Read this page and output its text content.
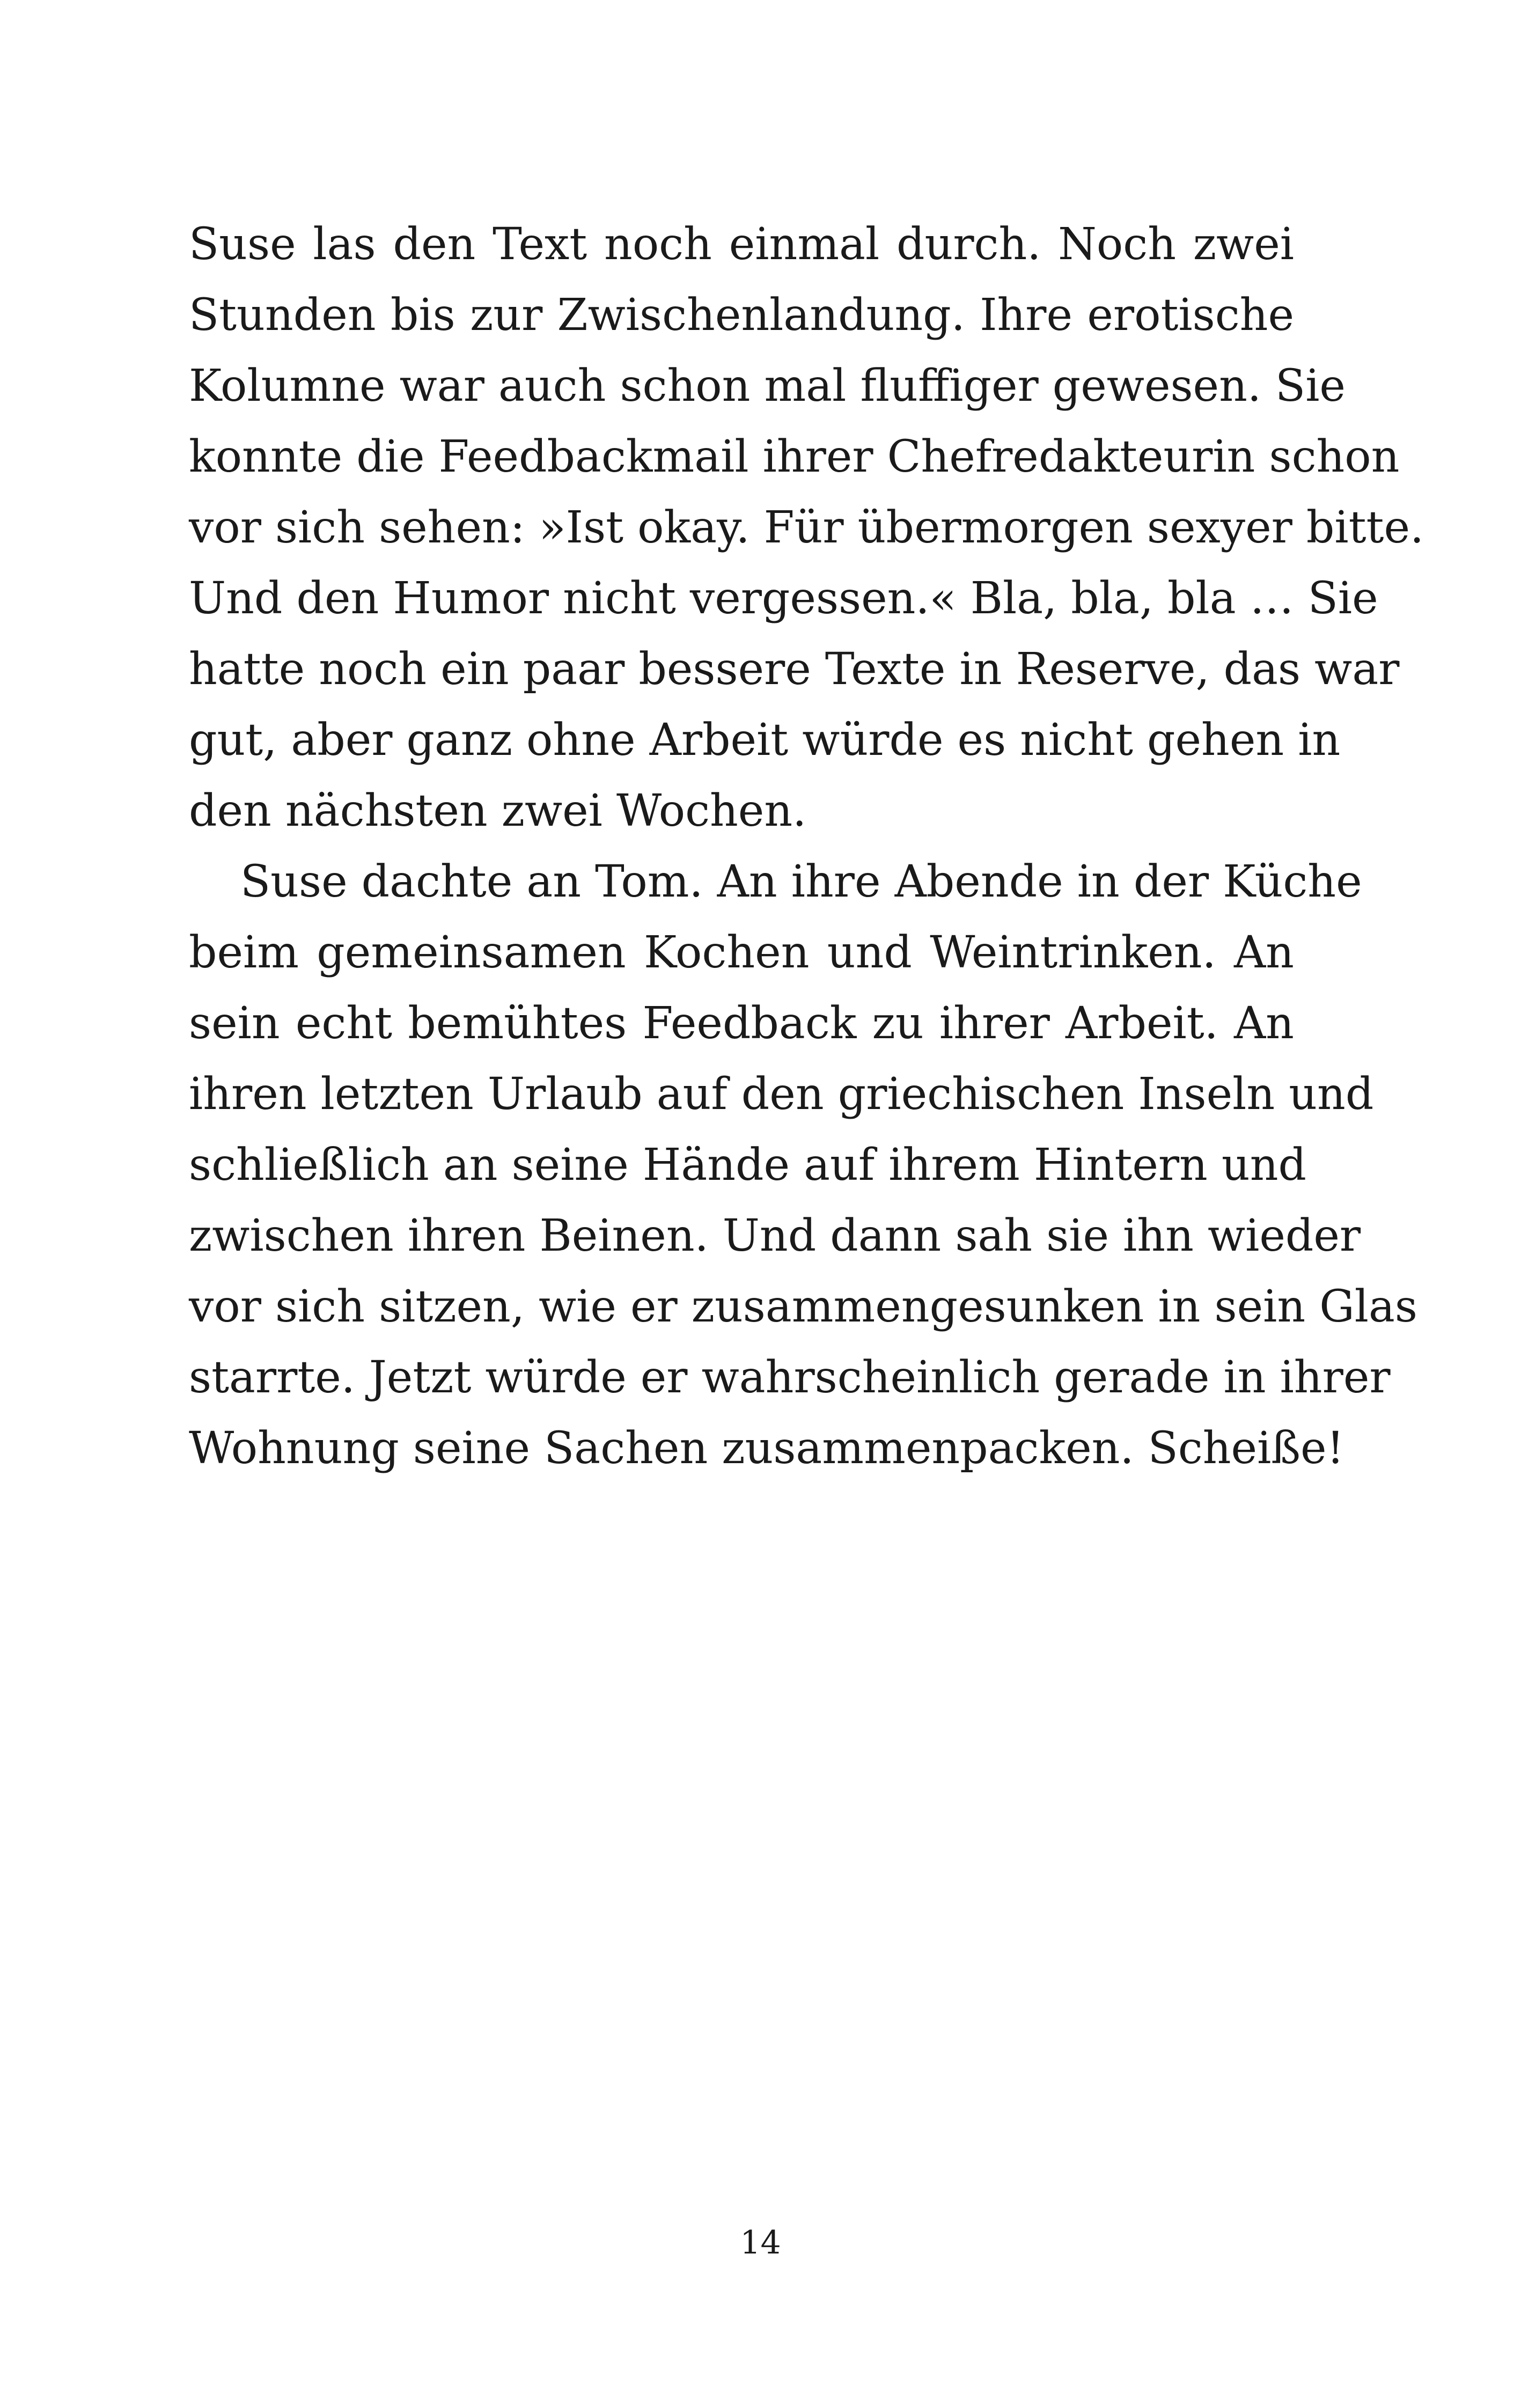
Suse las den Text noch einmal durch. Noch zwei
Stunden bis zur Zwischenlandung. Ihre erotische
Kolumne war auch schon mal fluffiger gewesen. Sie
konnte die Feedbackmail ihrer Chefredakteurin schon
vor sich sehen: »Ist okay. Für übermorgen sexyer bitte.
Und den Humor nicht vergessen.« Bla, bla, bla … Sie
hatte noch ein paar bessere Texte in Reserve, das war
gut, aber ganz ohne Arbeit würde es nicht gehen in
den nächsten zwei Wochen.
Suse dachte an Tom. An ihre Abende in der Küche
beim gemeinsamen Kochen und Weintrinken. An
sein echt bemühtes Feedback zu ihrer Arbeit. An
ihren letzten Urlaub auf den griechischen Inseln und
schließlich an seine Hände auf ihrem Hintern und
zwischen ihren Beinen. Und dann sah sie ihn wieder
vor sich sitzen, wie er zusammengesunken in sein Glas
starrte. Jetzt würde er wahrscheinlich gerade in ihrer
Wohnung seine Sachen zusammenpacken. Scheiße!
14
